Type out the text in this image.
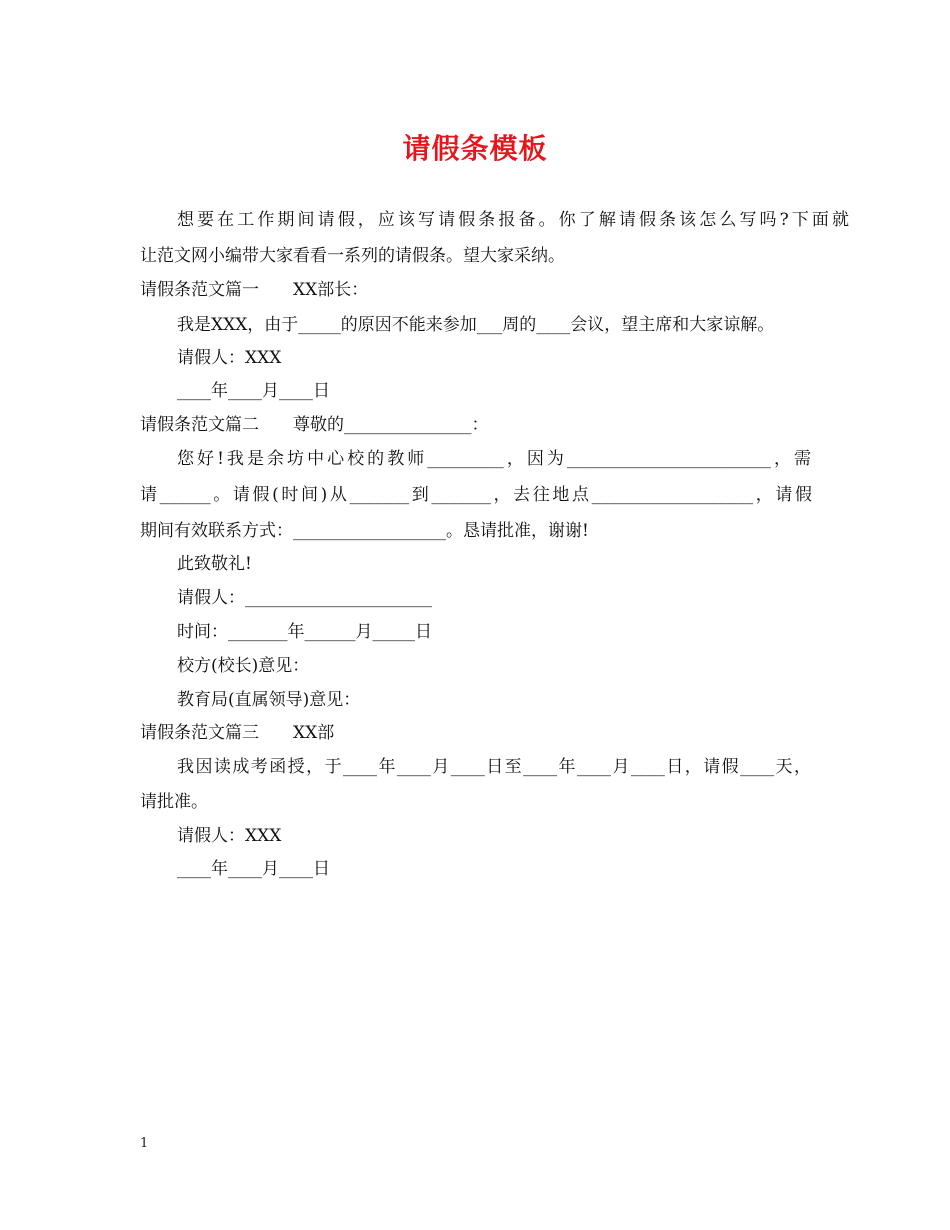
请假条模板
想要在工作期间请假，应该写请假条报备。你了解请假条该怎么写吗?下面就
让范文网小编带大家看看一系列的请假条。望大家采纳。
请假条范文篇一　　XX部长：
我是XXX，由于_____的原因不能来参加___周的____会议，望主席和大家谅解。
请假人：XXX
____年____月____日
请假条范文篇二　　尊敬的_______________：
您好!我是余坊中心校的教师_________，因为________________________，需
请______。请假(时间)从_______到_______，去往地点___________________，请假
期间有效联系方式：__________________。恳请批准，谢谢!
此致敬礼!
请假人：______________________
时间：_______年______月_____日
校方(校长)意见：
教育局(直属领导)意见：
请假条范文篇三　　XX部
我因读成考函授，于____年____月____日至____年____月____日，请假____天，
请批准。
请假人：XXX
____年____月____日
1
